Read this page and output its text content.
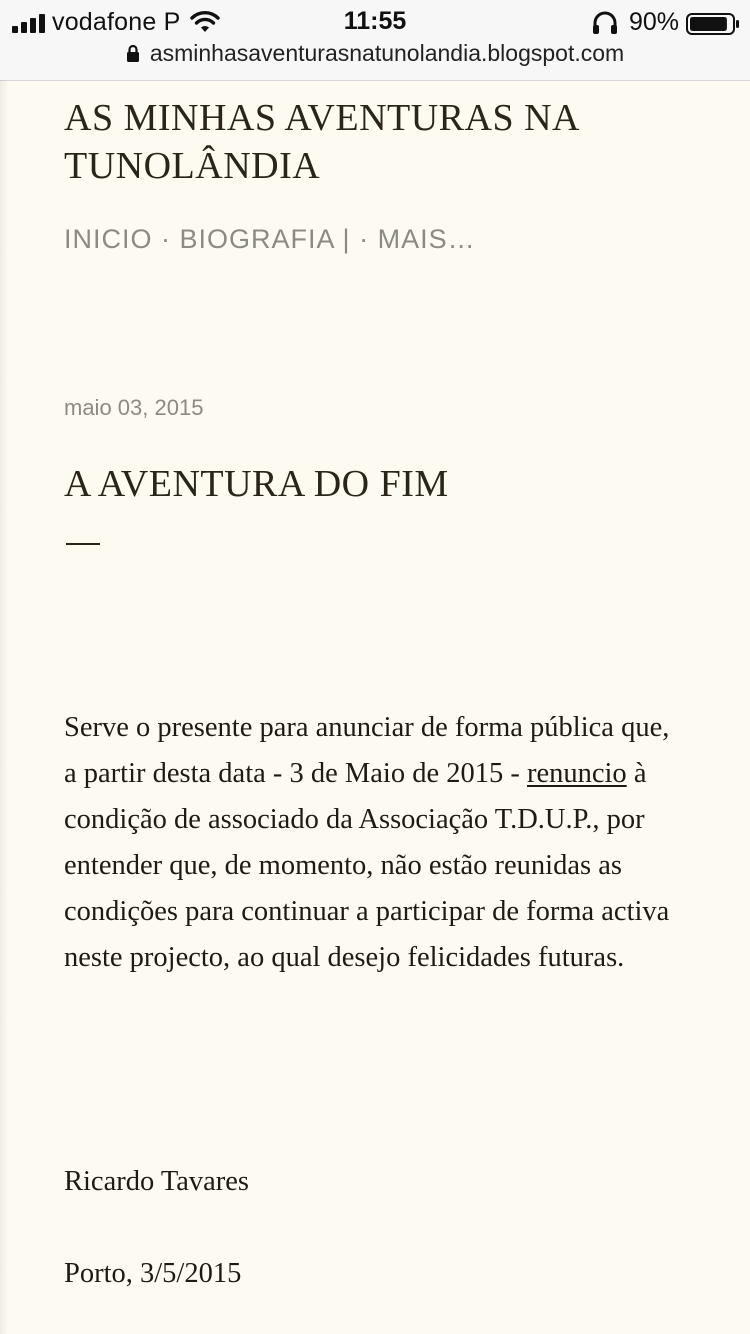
vodafone P	11:55	90%
asminhasaventurasnatunolandia.blogspot.com
AS MINHAS AVENTURAS NA TUNOLÂNDIA
INICIO · BIOGRAFIA | · MAIS…
maio 03, 2015
A AVENTURA DO FIM

Serve o presente para anunciar de forma pública que, a partir desta data - 3 de Maio de 2015 - renuncio à condição de associado da Associação T.D.U.P., por entender que, de momento, não estão reunidas as condições para continuar a participar de forma activa neste projecto, ao qual desejo felicidades futuras.

Ricardo Tavares
Porto, 3/5/2015
